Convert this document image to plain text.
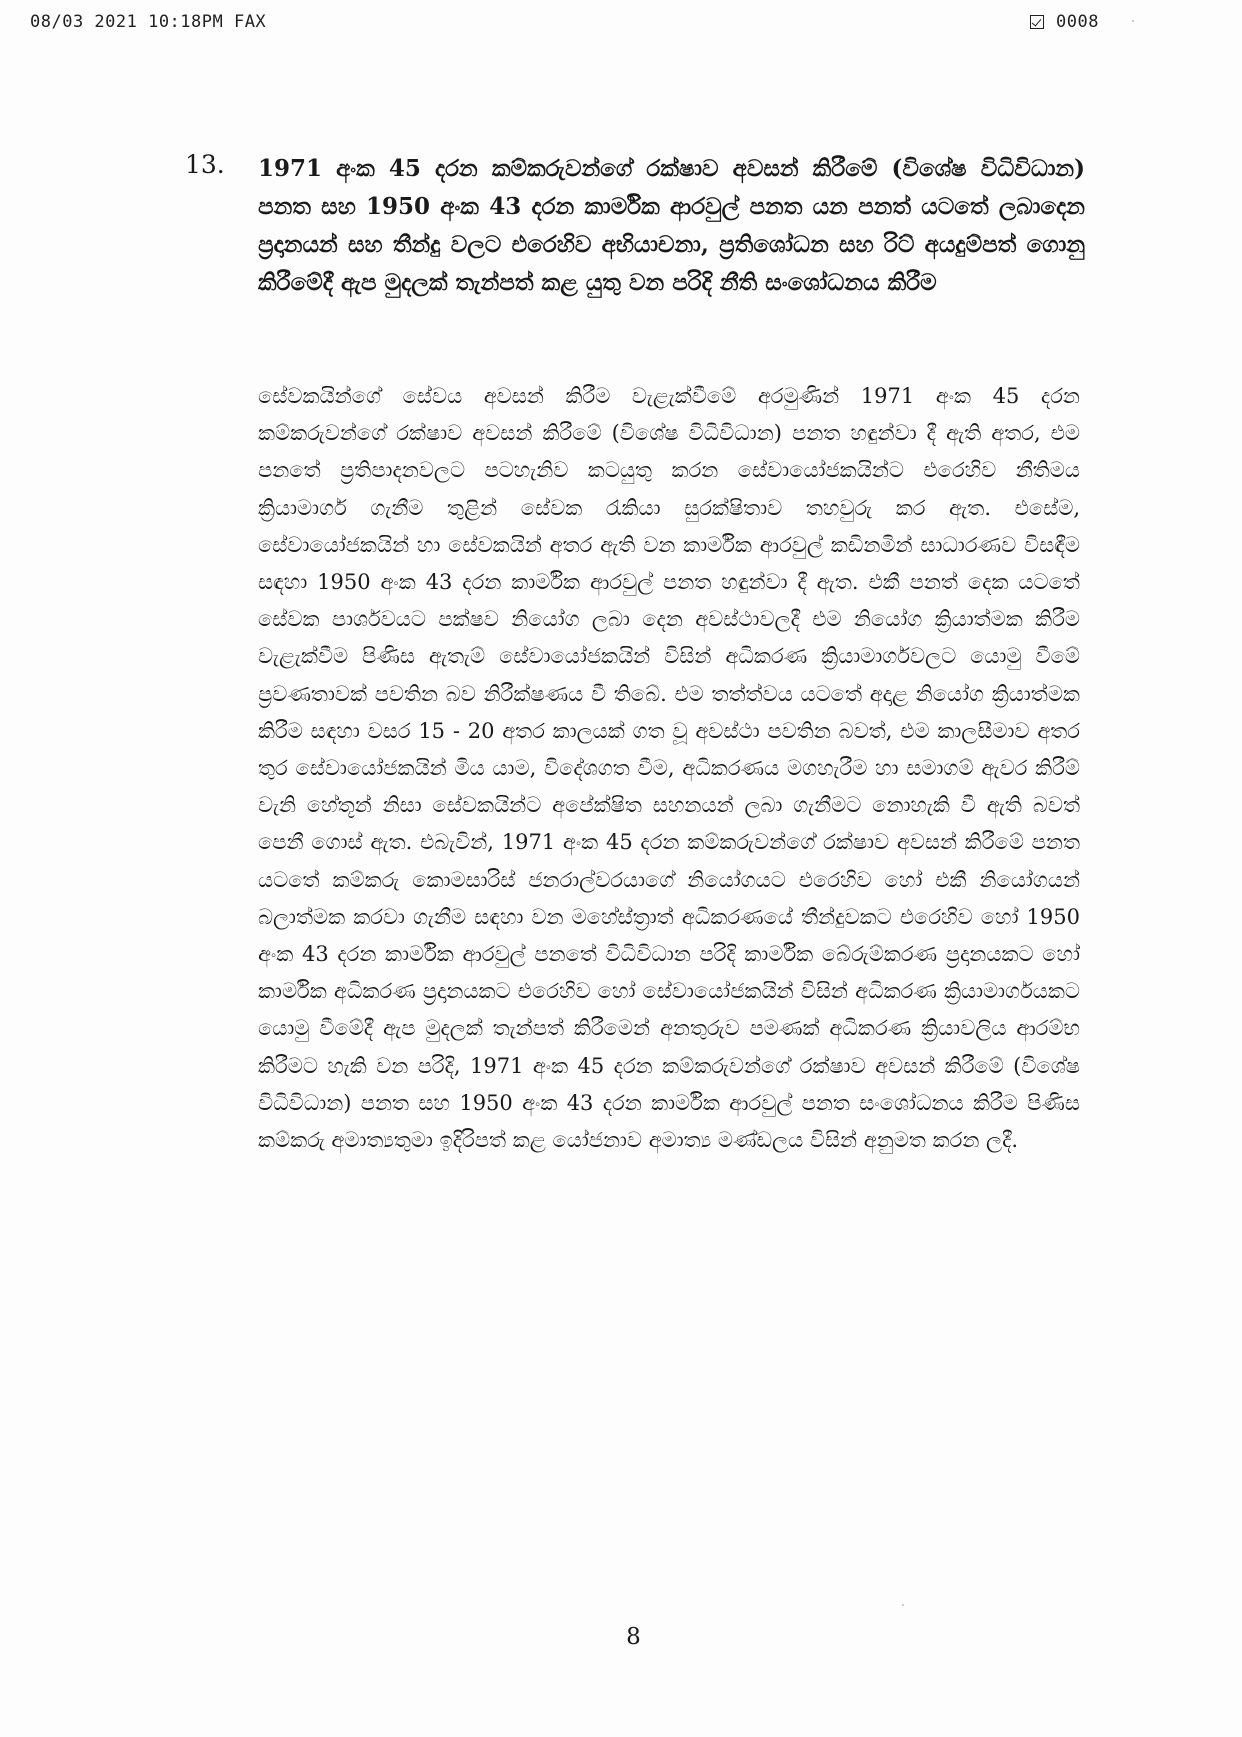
08/03 2021 10:18PM FAX	0008
13. 1971 අංක 45 දරන කම්කරුවන්ගේ රක්ෂාව අවසන් කිරීමේ (විශේෂ විධිවිධාන) පනත සහ 1950 අංක 43 දරන කාර්මික ආරවුල් පනත යන පනත් යටතේ ලබාදෙන ප්‍රදානයන් සහ තීන්දු වලට එරෙහිව අභියාචනා, ප්‍රතිශෝධන සහ රිට් අයදුම්පත් ගොනු කිරීමේදී ඇප මුදලක් තැන්පත් කළ යුතු වන පරිදි නීති සංශෝධනය කිරීම
සේවකයින්ගේ සේවය අවසන් කිරීම වැළැක්වීමේ අරමුණින් 1971 අංක 45 දරන කම්කරුවන්ගේ රක්ෂාව අවසන් කිරීමේ (විශේෂ විධිවිධාන) පනත හඳුන්වා දී ඇති අතර, එම පනතේ ප්‍රතිපාදනවලට පටහැනිව කටයුතු කරන සේවායෝජකයින්ට එරෙහිව නීතිමය ක්‍රියාමාර්ග ගැනීම තුළින් සේවක රැකියා සුරක්ෂිතාව තහවුරු කර ඇත. එසේම, සේවායෝජකයින් හා සේවකයින් අතර ඇති වන කාර්මික ආරවුල් කඩිනමින් සාධාරණව විසඳීම සඳහා 1950 අංක 43 දරන කාර්මික ආරවුල් පනත හඳුන්වා දී ඇත. එකී පනත් දෙක යටතේ සේවක පාර්ශවයට පක්ෂව නියෝග ලබා දෙන අවස්ථාවලදී එම නියෝග ක්‍රියාත්මක කිරීම වැළැක්වීම පිණිස ඇතැම් සේවායෝජකයින් විසින් අධිකරණ ක්‍රියාමාර්ගවලට යොමු වීමේ ප්‍රවණතාවක් පවතින බව නිරීක්ෂණය වී තිබේ. එම තත්ත්වය යටතේ අදාළ නියෝග ක්‍රියාත්මක කිරීම සඳහා වසර 15 - 20 අතර කාලයක් ගත වූ අවස්ථා පවතින බවත්, එම කාලසීමාව අතර තුර සේවායෝජකයින් මිය යාම, විදේශගත වීම, අධිකරණය මගහැරීම හා සමාගම් ඇවර කිරීම් වැනි හේතූන් නිසා සේවකයින්ට අපේක්ෂිත සහනයන් ලබා ගැනීමට නොහැකි වී ඇති බවත් පෙනී ගොස් ඇත. එබැවින්, 1971 අංක 45 දරන කම්කරුවන්ගේ රක්ෂාව අවසන් කිරීමේ පනත යටතේ කම්කරු කොමසාරිස් ජනරාල්වරයාගේ නියෝගයට එරෙහිව හෝ එකී නියෝගයන් බලාත්මක කරවා ගැනීම සඳහා වන මහේස්ත්‍රාත් අධිකරණයේ තීන්දුවකට එරෙහිව හෝ 1950 අංක 43 දරන කාර්මික ආරවුල් පනතේ විධිවිධාන පරිදි කාර්මික බේරුම්කරණ ප්‍රදානයකට හෝ කාර්මික අධිකරණ ප්‍රදානයකට එරෙහිව හෝ සේවායෝජකයින් විසින් අධිකරණ ක්‍රියාමාර්ගයකට යොමු වීමේදී ඇප මුදලක් තැන්පත් කිරීමෙන් අනතුරුව පමණක් අධිකරණ ක්‍රියාවලිය ආරම්භ කිරීමට හැකි වන පරිදි, 1971 අංක 45 දරන කම්කරුවන්ගේ රක්ෂාව අවසන් කිරීමේ (විශේෂ විධිවිධාන) පනත සහ 1950 අංක 43 දරන කාර්මික ආරවුල් පනත සංශෝධනය කිරීම පිණිස කම්කරු අමාත්‍යතුමා ඉදිරිපත් කළ යෝජනාව අමාත්‍ය මණ්ඩලය විසින් අනුමත කරන ලදී.
8
